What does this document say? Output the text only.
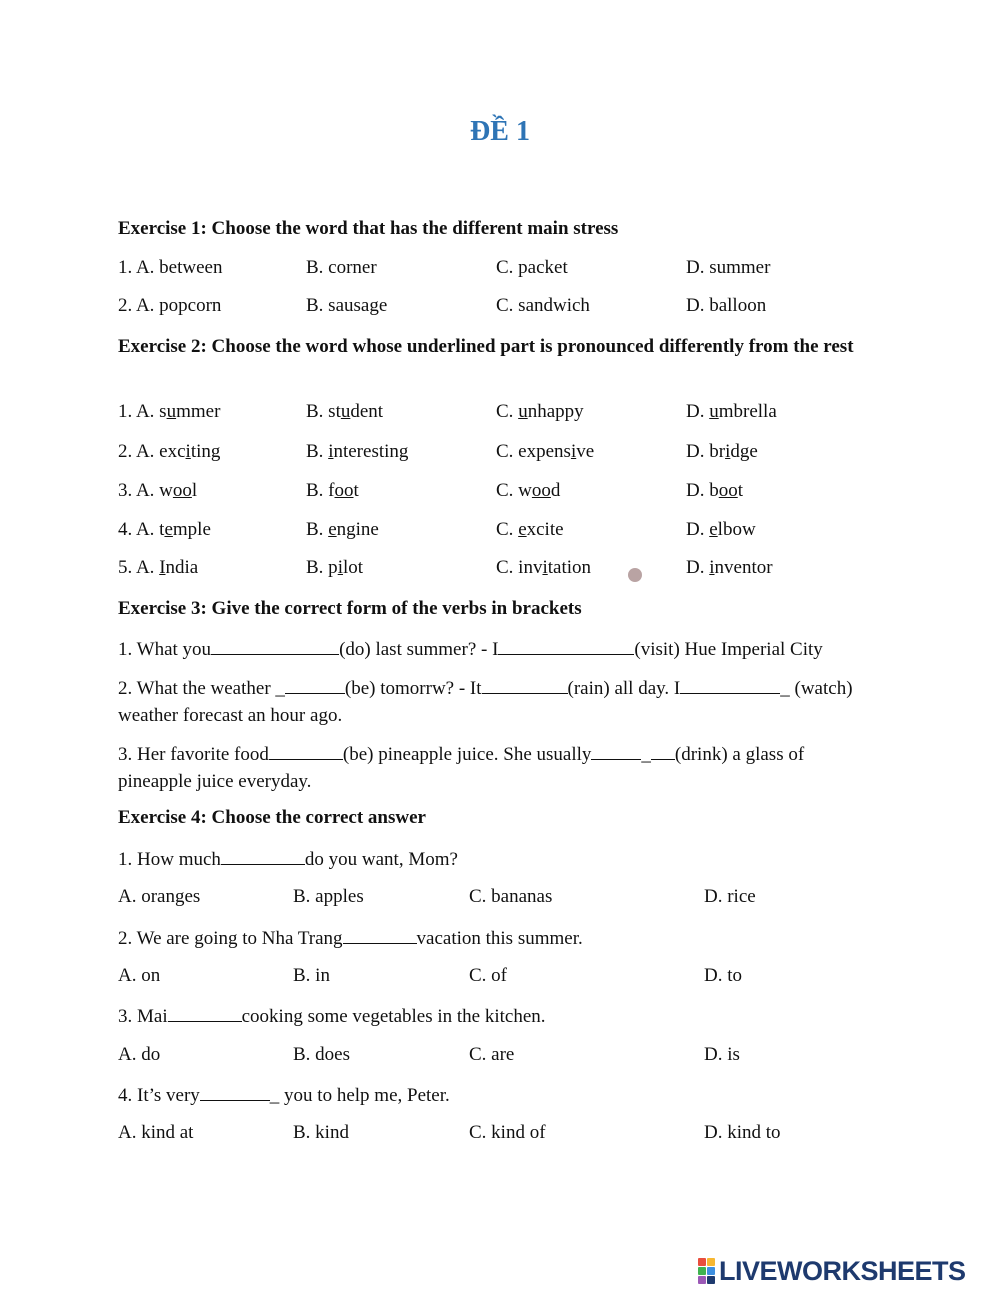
ĐỀ 1
Exercise 1: Choose the word that has the different main stress
1. A. between	B. corner	C. packet	D. summer
2. A. popcorn	B. sausage	C. sandwich	D. balloon
Exercise 2: Choose the word whose underlined part is pronounced differently from the rest
1. A. summer	B. student	C. unhappy	D. umbrella
2. A. exciting	B. interesting	C. expensive	D. bridge
3. A. wool	B. foot	C. wood	D. boot
4. A. temple	B. engine	C. excite	D. elbow
5. A. India	B. pilot	C. invitation	D. inventor
Exercise 3: Give the correct form of the verbs in brackets
1. What you	(do) last summer? - I	(visit) Hue Imperial City
2. What the weather _	(be) tomorrw? - It	(rain) all day. I	_ (watch) weather forecast an hour ago.
3. Her favorite food	(be) pineapple juice. She usually	_ (drink) a glass of pineapple juice everyday.
Exercise 4: Choose the correct answer
1. How much	do you want, Mom?
A. oranges	B. apples	C. bananas	D. rice
2. We are going to Nha Trang	vacation this summer.
A. on	B. in	C. of	D. to
3. Mai	cooking some vegetables in the kitchen.
A. do	B. does	C. are	D. is
4. It’s very	_ you to help me, Peter.
A. kind at	B. kind	C. kind of	D. kind to
LIVEWORKSHEETS
